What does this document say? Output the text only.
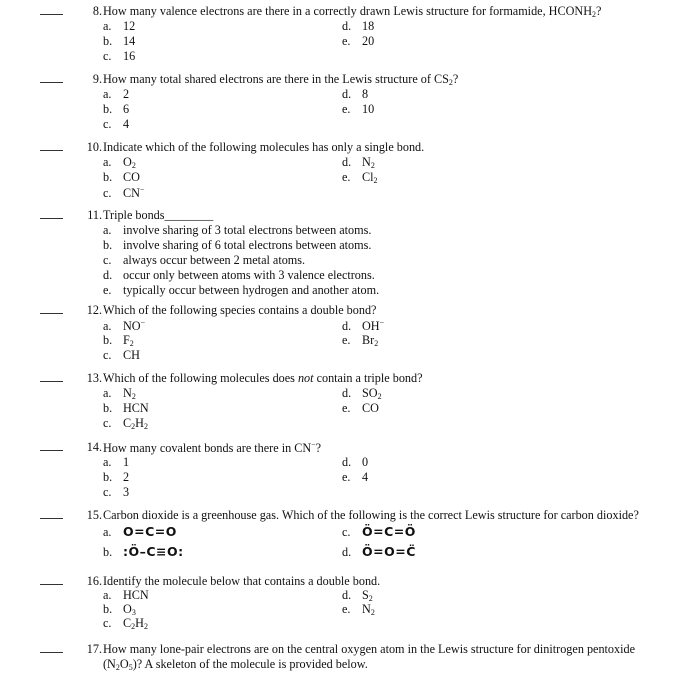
8. How many valence electrons are there in a correctly drawn Lewis structure for formamide, $HCONH_2$?
a. 12
b. 14
c. 16
d. 18
e. 20
9. How many total shared electrons are there in the Lewis structure of $CS_2$?
a. 2
b. 6
c. 4
d. 8
e. 10
10. Indicate which of the following molecules has only a single bond.
a. $O_2$
b. CO
c. CN−
d. $N_2$
e. $Cl_2$
11. Triple bonds________
a. involve sharing of 3 total electrons between atoms.
b. involve sharing of 6 total electrons between atoms.
c. always occur between 2 metal atoms.
d. occur only between atoms with 3 valence electrons.
e. typically occur between hydrogen and another atom.
12. Which of the following species contains a double bond?
a. NO−
b. $F_2$
c. CH
d. OH−
e. $Br_2$
13. Which of the following molecules does not contain a triple bond?
a. $N_2$
b. HCN
c. $C_2H_2$
d. $SO_2$
e. CO
14. How many covalent bonds are there in CN−?
a. 1
b. 2
c. 3
d. 0
e. 4
15. Carbon dioxide is a greenhouse gas. Which of the following is the correct Lewis structure for carbon dioxide?
a. O=C=O
b. :Ö–C≡O:
c. Ö=C=Ö
d. Ö=O=C̈
16. Identify the molecule below that contains a double bond.
a. HCN
b. $O_3$
c. $C_2H_2$
d. $S_2$
e. $N_2$
17. How many lone-pair electrons are on the central oxygen atom in the Lewis structure for dinitrogen pentoxide
$(N_2O_5)$? A skeleton of the molecule is provided below.
